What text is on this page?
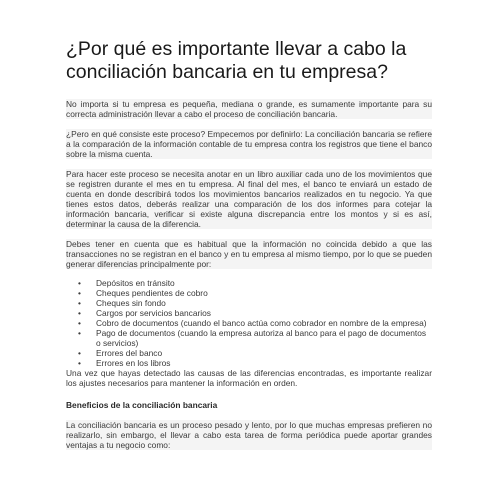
¿Por qué es importante llevar a cabo la conciliación bancaria en tu empresa?

No importa si tu empresa es pequeña, mediana o grande, es sumamente importante para su correcta administración llevar a cabo el proceso de conciliación bancaria.

¿Pero en qué consiste este proceso? Empecemos por definirlo: La conciliación bancaria se refiere a la comparación de la información contable de tu empresa contra los registros que tiene el banco sobre la misma cuenta.

Para hacer este proceso se necesita anotar en un libro auxiliar cada uno de los movimientos que se registren durante el mes en tu empresa. Al final del mes, el banco te enviará un estado de cuenta en donde describirá todos los movimientos bancarios realizados en tu negocio. Ya que tienes estos datos, deberás realizar una comparación de los dos informes para cotejar la información bancaria, verificar si existe alguna discrepancia entre los montos y si es así, determinar la causa de la diferencia.

Debes tener en cuenta que es habitual que la información no coincida debido a que las transacciones no se registran en el banco y en tu empresa al mismo tiempo, por lo que se pueden generar diferencias principalmente por:

• Depósitos en tránsito
• Cheques pendientes de cobro
• Cheques sin fondo
• Cargos por servicios bancarios
• Cobro de documentos (cuando el banco actúa como cobrador en nombre de la empresa)
• Pago de documentos (cuando la empresa autoriza al banco para el pago de documentos o servicios)
• Errores del banco
• Errores en los libros

Una vez que hayas detectado las causas de las diferencias encontradas, es importante realizar los ajustes necesarios para mantener la información en orden.

Beneficios de la conciliación bancaria

La conciliación bancaria es un proceso pesado y lento, por lo que muchas empresas prefieren no realizarlo, sin embargo, el llevar a cabo esta tarea de forma periódica puede aportar grandes ventajas a tu negocio como:
